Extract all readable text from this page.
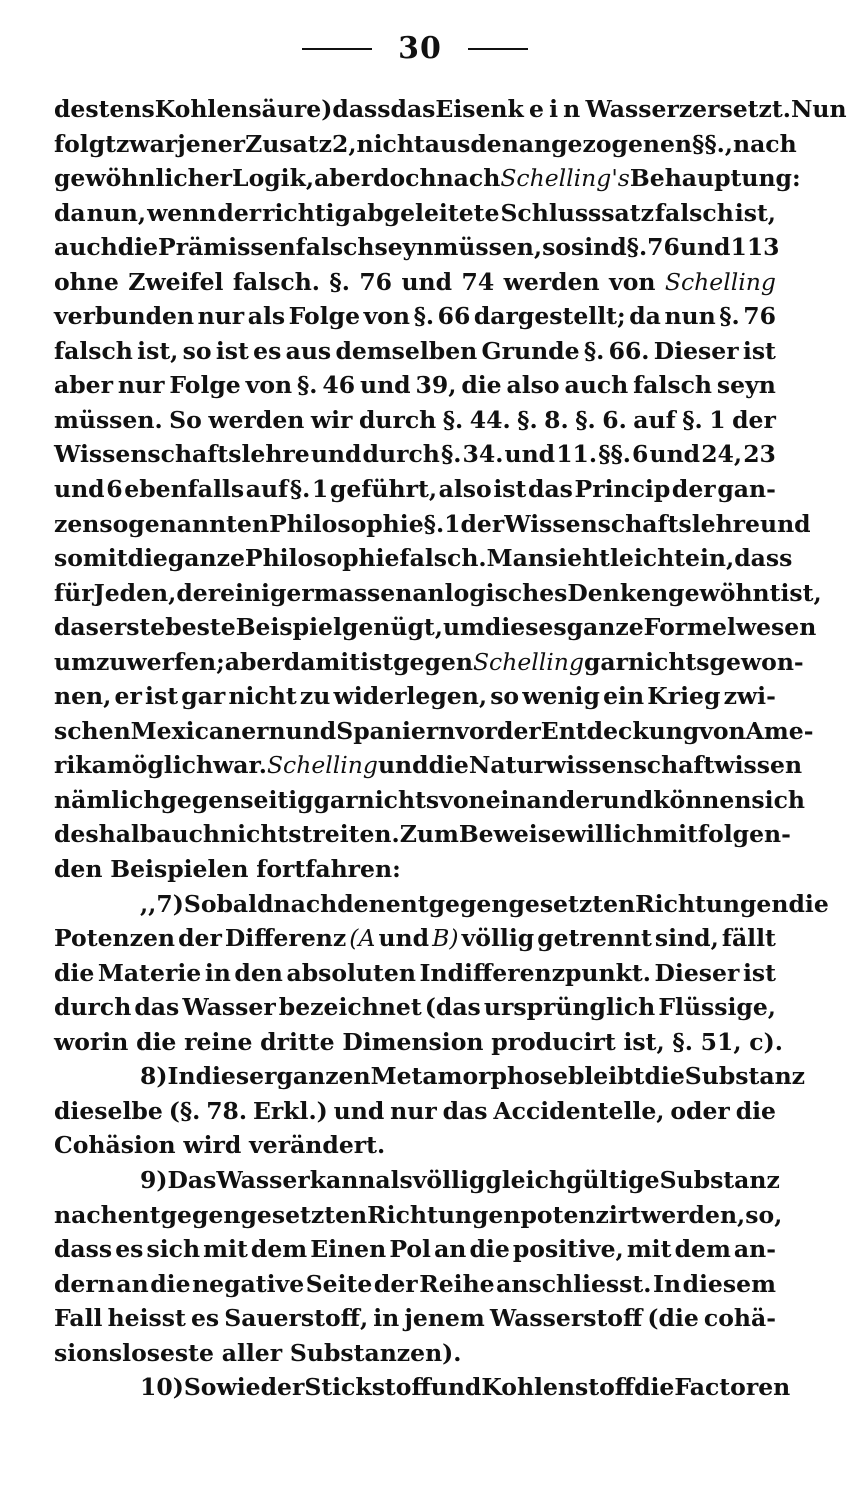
30
destens Kohlensäure) dass das Eisen kein Wasser zersetzt. Nun
folgt zwar jener Zusatz 2, nicht aus den angezogenen §§., nach
gewöhnlicher Logik, aber doch nach Schelling's Behauptung:
da nun, wenn der richtig abgeleitete Schlusssatz falsch ist,
auch die Prämissen falsch seyn müssen, so sind §. 76 und 113
ohne Zweifel falsch. §. 76 und 74 werden von Schelling
verbunden nur als Folge von §. 66 dargestellt; da nun §. 76
falsch ist, so ist es aus demselben Grunde §. 66. Dieser ist
aber nur Folge von §. 46 und 39, die also auch falsch seyn
müssen. So werden wir durch §. 44. §. 8. §. 6. auf §. 1 der
Wissenschaftslehre und durch §. 34. und 11. §§. 6 und 24, 23
und 6 ebenfalls auf §. 1 geführt, also ist das Princip der gan-
zen sogenannten Philosophie §. 1 der Wissenschaftslehre und
somit die ganze Philosophie falsch. Man sieht leicht ein, dass
für Jeden , der einigermassen an logisches Denken gewöhnt ist,
das erste beste Beispiel genügt, um dieses ganze Formelwesen
umzuwerfen; aber damit ist gegen Schelling gar nichts gewon-
nen, er ist gar nicht zu widerlegen, so wenig ein Krieg zwi-
schen Mexicanern und Spaniern vor der Entdeckung von Ame-
rika möglich war. Schelling und die Naturwissenschaft wissen
nämlich gegenseitig gar nichts von einander und können sich
deshalb auch nicht streiten. Zum Beweise will ich mit folgen-
den Beispielen fortfahren:
,,7) Sobald nach den entgegengesetzten Richtungen die
Potenzen der Differenz (A und B) völlig getrennt sind, fällt
die Materie in den absoluten Indifferenzpunkt. Dieser ist
durch das Wasser bezeichnet (das ursprünglich Flüssige,
worin die reine dritte Dimension producirt ist, §. 51, c).
8) In dieser ganzen Metamorphose bleibt die Substanz
dieselbe (§. 78. Erkl.) und nur das Accidentelle, oder die
Cohäsion wird verändert.
9) Das Wasser kann als völlig gleichgültige Substanz
nach entgegengesetzten Richtungen potenzirt werden, so,
dass es sich mit dem Einen Pol an die positive, mit dem an-
dern an die negative Seite der Reihe anschliesst. In diesem
Fall heisst es Sauerstoff, in jenem Wasserstoff (die cohä-
sionsloseste aller Substanzen).
10) So wie der Stickstoff und Kohlenstoff die Factoren
